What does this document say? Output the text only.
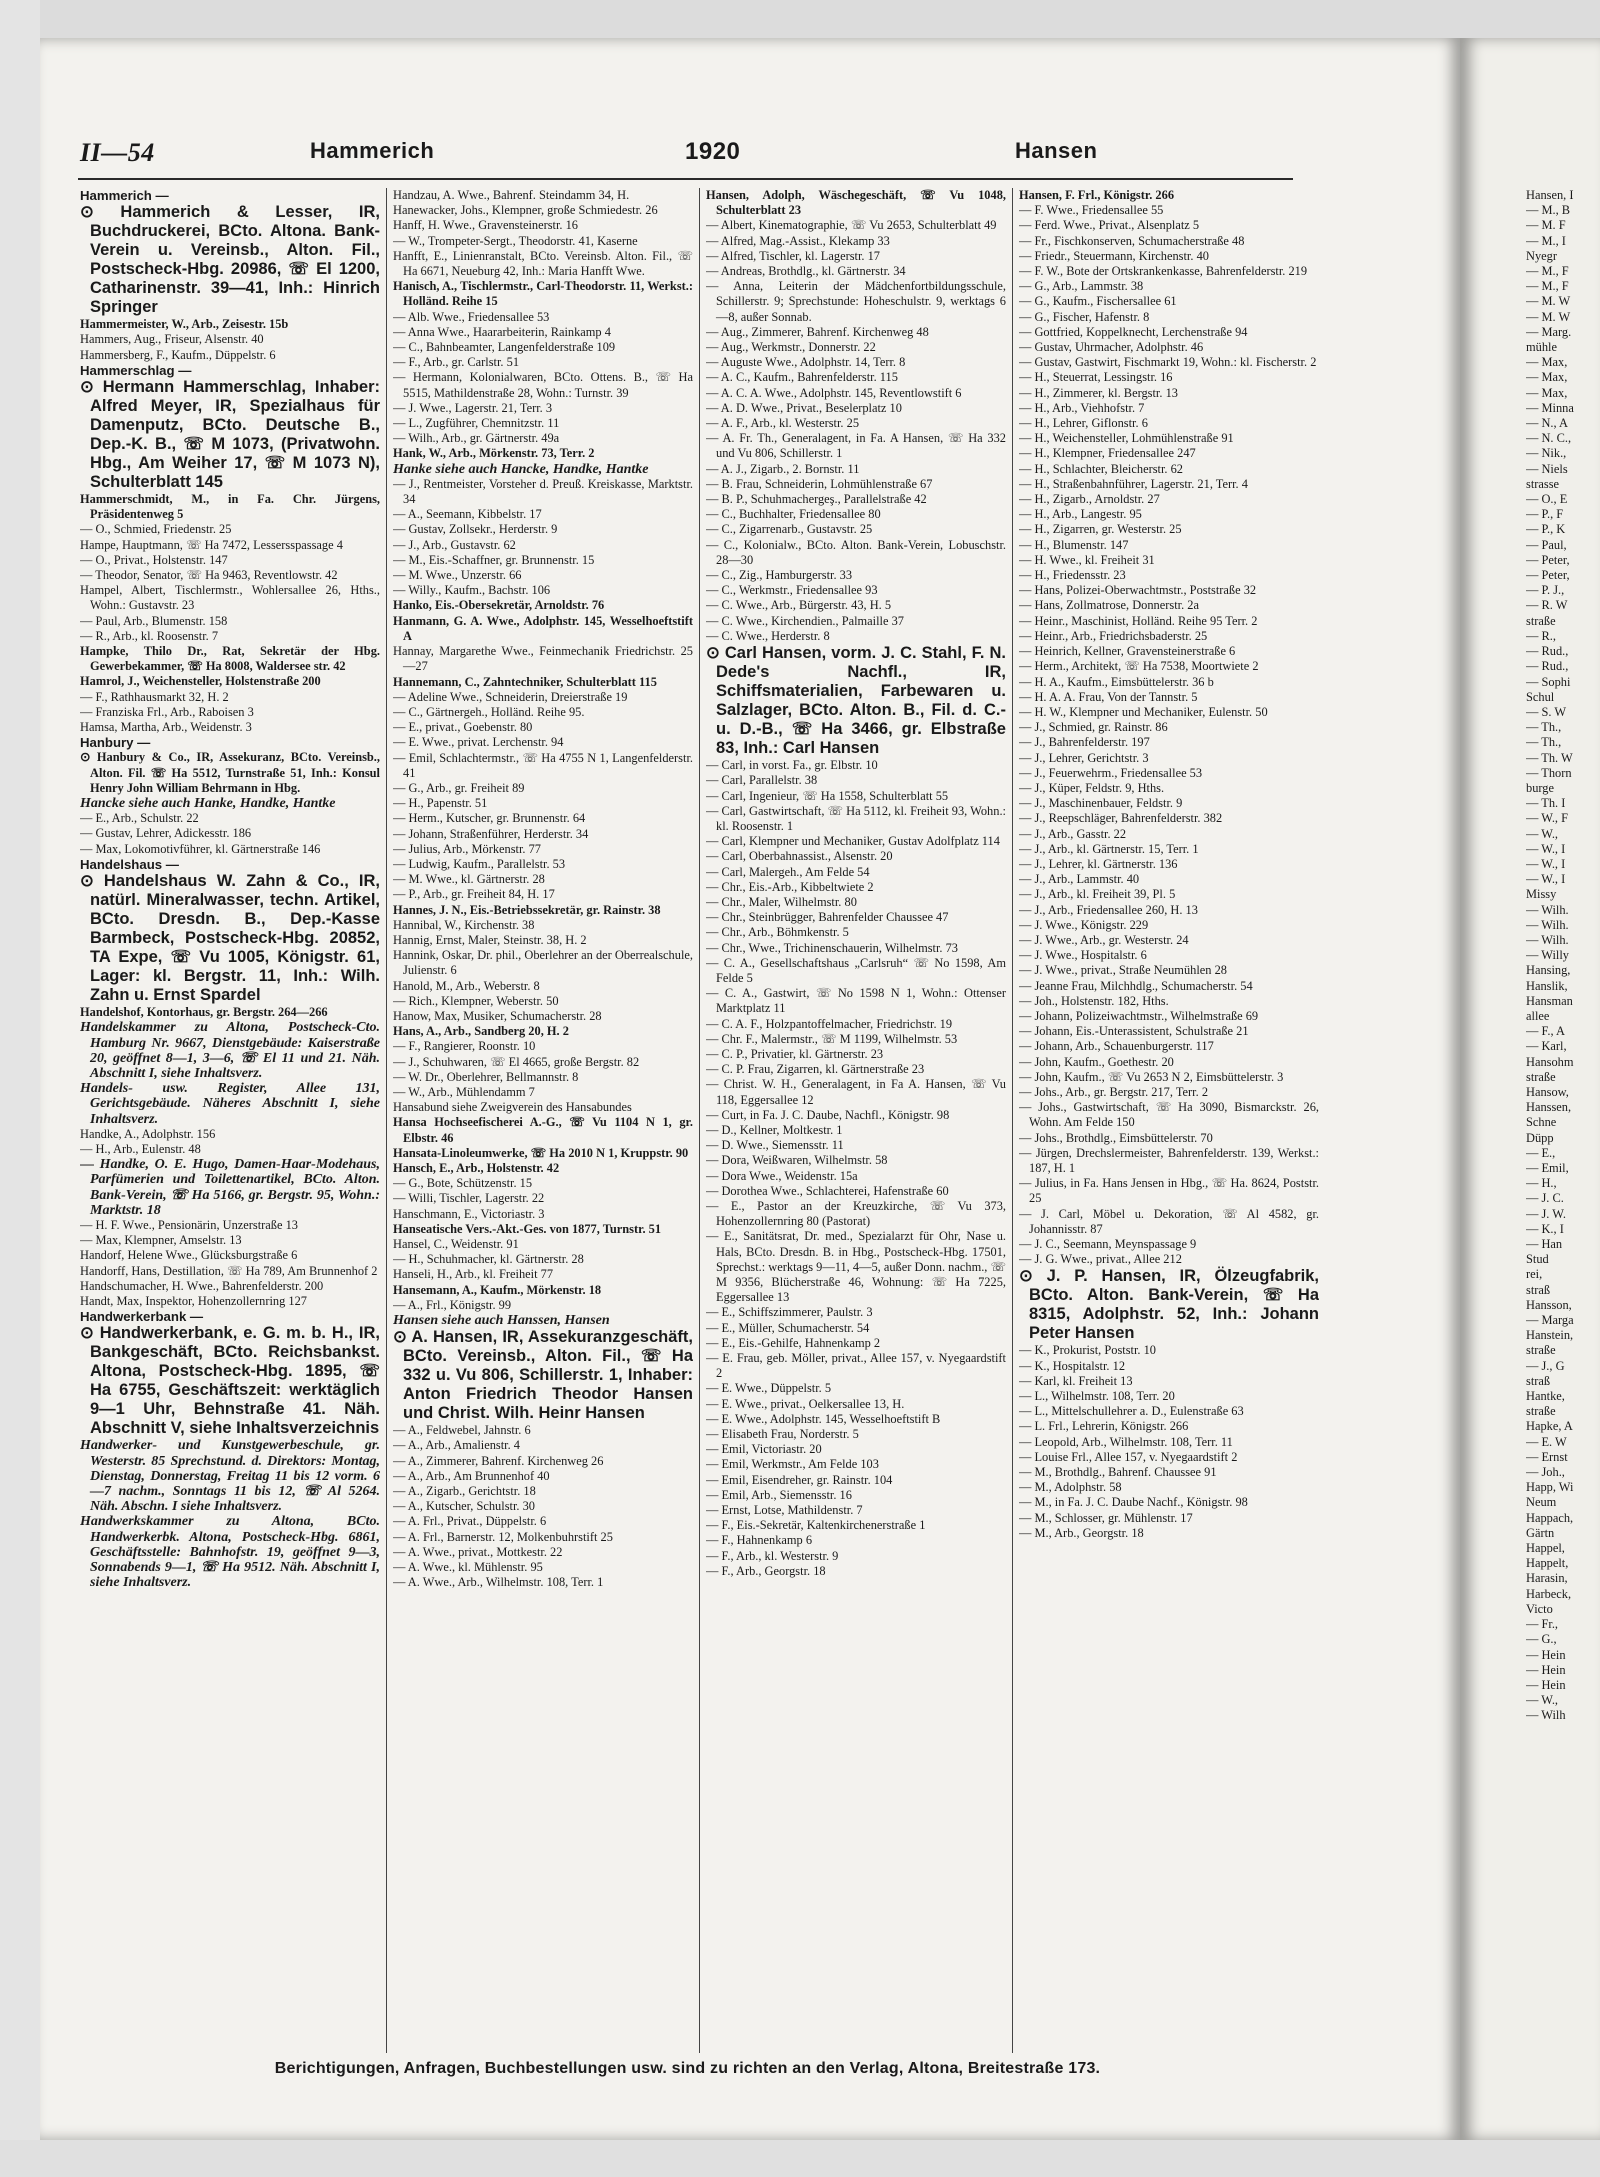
II—54	Hammerich	1920	Hansen

Hammerich —

⊙ Hammerich & Lesser, IR, Buchdruckerei, BCto. Altona. Bank-Verein u. Vereinsb., Alton. Fil., Postscheck-Hbg. 20986, ☏ El 1200, Catharinenstr. 39—41, Inh.: Hinrich Springer

Hammermeister, W., Arb., Zeisestr. 15b

Hammers, Aug., Friseur, Alsenstr. 40

Hammersberg, F., Kaufm., Düppelstr. 6

Hammerschlag —

⊙ Hermann Hammerschlag, Inhaber: Alfred Meyer, IR, Spezialhaus für Damenputz, BCto. Deutsche B., Dep.-K. B., ☏ M 1073, (Privatwohn. Hbg., Am Weiher 17, ☏ M 1073 N), Schulterblatt 145

Hammerschmidt, M., in Fa. Chr. Jürgens, Präsidentenweg 5

— O., Schmied, Friedenstr. 25

Hampe, Hauptmann, ☏ Ha 7472, Lessersspassage 4

— O., Privat., Holstenstr. 147

— Theodor, Senator, ☏ Ha 9463, Reventlowstr. 42

Hampel, Albert, Tischlermstr., Wohlersallee 26, Hths., Wohn.: Gustavstr. 23

— Paul, Arb., Blumenstr. 158

— R., Arb., kl. Roosenstr. 7

Hampke, Thilo Dr., Rat, Sekretär der Hbg. Gewerbekammer, ☏ Ha 8008, Waldersee str. 42

Hamrol, J., Weichensteller, Holstenstraße 200

— F., Rathhausmarkt 32, H. 2

— Franziska Frl., Arb., Raboisen 3

Hamsa, Martha, Arb., Weidenstr. 3

Hanbury —

⊙ Hanbury & Co., IR, Assekuranz, BCto. Vereinsb., Alton. Fil. ☏ Ha 5512, Turnstraße 51, Inh.: Konsul Henry John William Behrmann in Hbg.

Hancke siehe auch Hanke, Handke, Hantke

— E., Arb., Schulstr. 22

— Gustav, Lehrer, Adickesstr. 186

— Max, Lokomotivführer, kl. Gärtnerstraße 146

Handelshaus —

⊙ Handelshaus W. Zahn & Co., IR, natürl. Mineralwasser, techn. Artikel, BCto. Dresdn. B., Dep.-Kasse Barmbeck, Postscheck-Hbg. 20852, TA Expe, ☏ Vu 1005, Königstr. 61, Lager: kl. Bergstr. 11, Inh.: Wilh. Zahn u. Ernst Spardel

Handelshof, Kontorhaus, gr. Bergstr. 264—266

Handelskammer zu Altona, Postscheck-Cto. Hamburg Nr. 9667, Dienstgebäude: Kaiserstraße 20, geöffnet 8—1, 3—6, ☏ El 11 und 21. Näh. Abschnitt I, siehe Inhaltsverz.

Handels- usw. Register, Allee 131, Gerichtsgebäude. Näheres Abschnitt I, siehe Inhaltsverz.

Handke, A., Adolphstr. 156

— H., Arb., Eulenstr. 48

— Handke, O. E. Hugo, Damen-Haar-Modehaus, Parfümerien und Toilettenartikel, BCto. Alton. Bank-Verein, ☏ Ha 5166, gr. Bergstr. 95, Wohn.: Marktstr. 18

— H. F. Wwe., Pensionärin, Unzerstraße 13

— Max, Klempner, Amselstr. 13

Handorf, Helene Wwe., Glücksburgstraße 6

Handorff, Hans, Destillation, ☏ Ha 789, Am Brunnenhof 2

Handschumacher, H. Wwe., Bahrenfelderstr. 200

Handt, Max, Inspektor, Hohenzollernring 127

Handwerkerbank —

⊙ Handwerkerbank, e. G. m. b. H., IR, Bankgeschäft, BCto. Reichsbankst. Altona, Postscheck-Hbg. 1895, ☏ Ha 6755, Geschäftszeit: werktäglich 9—1 Uhr, Behnstraße 41. Näh. Abschnitt V, siehe Inhaltsverzeichnis

Handwerker- und Kunstgewerbeschule, gr. Westerstr. 85 Sprechstund. d. Direktors: Montag, Dienstag, Donnerstag, Freitag 11 bis 12 vorm. 6—7 nachm., Sonntags 11 bis 12, ☏ Al 5264. Näh. Abschn. I siehe Inhaltsverz.

Handwerkskammer zu Altona, BCto. Handwerkerbk. Altona, Postscheck-Hbg. 6861, Geschäftsstelle: Bahnhofstr. 19, geöffnet 9—3, Sonnabends 9—1, ☏ Ha 9512. Näh. Abschnitt I, siehe Inhaltsverz.

Handzau, A. Wwe., Bahrenf. Steindamm 34, H.

Hanewacker, Johs., Klempner, große Schmiedestr. 26

Hanff, H. Wwe., Gravensteinerstr. 16

— W., Trompeter-Sergt., Theodorstr. 41, Kaserne

Hanfft, E., Linienranstalt, BCto. Vereinsb. Alton. Fil., ☏ Ha 6671, Neueburg 42, Inh.: Maria Hanfft Wwe.

Hanisch, A., Tischlermstr., Carl-Theodorstr. 11, Werkst.: Holländ. Reihe 15

— Alb. Wwe., Friedensallee 53

— Anna Wwe., Haararbeiterin, Rainkamp 4

— C., Bahnbeamter, Langenfelderstraße 109

— F., Arb., gr. Carlstr. 51

— Hermann, Kolonialwaren, BCto. Ottens. B., ☏ Ha 5515, Mathildenstraße 28, Wohn.: Turnstr. 39

— J. Wwe., Lagerstr. 21, Terr. 3

— L., Zugführer, Chemnitzstr. 11

— Wilh., Arb., gr. Gärtnerstr. 49a

Hank, W., Arb., Mörkenstr. 73, Terr. 2

Hanke siehe auch Hancke, Handke, Hantke

— J., Rentmeister, Vorsteher d. Preuß. Kreiskasse, Marktstr. 34

— A., Seemann, Kibbelstr. 17

— Gustav, Zollsekr., Herderstr. 9

— J., Arb., Gustavstr. 62

— M., Eis.-Schaffner, gr. Brunnenstr. 15

— M. Wwe., Unzerstr. 66

— Willy., Kaufm., Bachstr. 106

Hanko, Eis.-Obersekretär, Arnoldstr. 76

Hanmann, G. A. Wwe., Adolphstr. 145, Wesselhoeftstift A

Hannay, Margarethe Wwe., Feinmechanik Friedrichstr. 25—27

Hannemann, C., Zahntechniker, Schulterblatt 115

— Adeline Wwe., Schneiderin, Dreierstraße 19

— C., Gärtnergeh., Holländ. Reihe 95.

— E., privat., Goebenstr. 80

— E. Wwe., privat. Lerchenstr. 94

— Emil, Schlachtermstr., ☏ Ha 4755 N 1, Langenfelderstr. 41

— G., Arb., gr. Freiheit 89

— H., Papenstr. 51

— Herm., Kutscher, gr. Brunnenstr. 64

— Johann, Straßenführer, Herderstr. 34

— Julius, Arb., Mörkenstr. 77

— Ludwig, Kaufm., Parallelstr. 53

— M. Wwe., kl. Gärtnerstr. 28

— P., Arb., gr. Freiheit 84, H. 17

Hannes, J. N., Eis.-Betriebssekretär, gr. Rainstr. 38

Hannibal, W., Kirchenstr. 38

Hannig, Ernst, Maler, Steinstr. 38, H. 2

Hannink, Oskar, Dr. phil., Oberlehrer an der Oberrealschule, Julienstr. 6

Hanold, M., Arb., Weberstr. 8

— Rich., Klempner, Weberstr. 50

Hanow, Max, Musiker, Schumacherstr. 28

Hans, A., Arb., Sandberg 20, H. 2

— F., Rangierer, Roonstr. 10

— J., Schuhwaren, ☏ El 4665, große Bergstr. 82

— W. Dr., Oberlehrer, Bellmannstr. 8

— W., Arb., Mühlendamm 7

Hansabund siehe Zweigverein des Hansabundes

Hansa Hochseefischerei A.-G., ☏ Vu 1104 N 1, gr. Elbstr. 46

Hansata-Linoleumwerke, ☏ Ha 2010 N 1, Kruppstr. 90

Hansch, E., Arb., Holstenstr. 42

— G., Bote, Schützenstr. 15

— Willi, Tischler, Lagerstr. 22

Hanschmann, E., Victoriastr. 3

Hanseatische Vers.-Akt.-Ges. von 1877, Turnstr. 51

Hansel, C., Weidenstr. 91

— H., Schuhmacher, kl. Gärtnerstr. 28

Hanseli, H., Arb., kl. Freiheit 77

Hansemann, A., Kaufm., Mörkenstr. 18

— A., Frl., Königstr. 99

Hansen siehe auch Hanssen, Hansen

⊙ A. Hansen, IR, Assekuranzgeschäft, BCto. Vereinsb., Alton. Fil., ☏ Ha 332 u. Vu 806, Schillerstr. 1, Inhaber: Anton Friedrich Theodor Hansen und Christ. Wilh. Heinr Hansen

— A., Feldwebel, Jahnstr. 6

— A., Arb., Amalienstr. 4

— A., Zimmerer, Bahrenf. Kirchenweg 26

— A., Arb., Am Brunnenhof 40

— A., Zigarb., Gerichtstr. 18

— A., Kutscher, Schulstr. 30

— A. Frl., Privat., Düppelstr. 6

— A. Frl., Barnerstr. 12, Molkenbuhrstift 25

— A. Wwe., privat., Mottkestr. 22

— A. Wwe., kl. Mühlenstr. 95

— A. Wwe., Arb., Wilhelmstr. 108, Terr. 1

Hansen, Adolph, Wäschegeschäft, ☏ Vu 1048, Schulterblatt 23

— Albert, Kinematographie, ☏ Vu 2653, Schulterblatt 49

— Alfred, Mag.-Assist., Klekamp 33

— Alfred, Tischler, kl. Lagerstr. 17

— Andreas, Brothdlg., kl. Gärtnerstr. 34

— Anna, Leiterin der Mädchenfortbildungsschule, Schillerstr. 9; Sprechstunde: Hoheschulstr. 9, werktags 6—8, außer Sonnab.

— Aug., Zimmerer, Bahrenf. Kirchenweg 48

— Aug., Werkmstr., Donnerstr. 22

— Auguste Wwe., Adolphstr. 14, Terr. 8

— A. C., Kaufm., Bahrenfelderstr. 115

— A. C. A. Wwe., Adolphstr. 145, Reventlowstift 6

— A. D. Wwe., Privat., Beselerplatz 10

— A. F., Arb., kl. Westerstr. 25

— A. Fr. Th., Generalagent, in Fa. A Hansen, ☏ Ha 332 und Vu 806, Schillerstr. 1

— A. J., Zigarb., 2. Bornstr. 11

— B. Frau, Schneiderin, Lohmühlenstraße 67

— B. P., Schuhmachergeş., Parallelstraße 42

— C., Buchhalter, Friedensallee 80

— C., Zigarrenarb., Gustavstr. 25

— C., Kolonialw., BCto. Alton. Bank-Verein, Lobuschstr. 28—30

— C., Zig., Hamburgerstr. 33

— C., Werkmstr., Friedensallee 93

— C. Wwe., Arb., Bürgerstr. 43, H. 5

— C. Wwe., Kirchendien., Palmaille 37

— C. Wwe., Herderstr. 8

⊙ Carl Hansen, vorm. J. C. Stahl, F. N. Dede's Nachfl., IR, Schiffsmaterialien, Farbewaren u. Salzlager, BCto. Alton. B., Fil. d. C.- u. D.-B., ☏ Ha 3466, gr. Elbstraße 83, Inh.: Carl Hansen

— Carl, in vorst. Fa., gr. Elbstr. 10

— Carl, Parallelstr. 38

— Carl, Ingenieur, ☏ Ha 1558, Schulterblatt 55

— Carl, Gastwirtschaft, ☏ Ha 5112, kl. Freiheit 93, Wohn.: kl. Roosenstr. 1

— Carl, Klempner und Mechaniker, Gustav Adolfplatz 114

— Carl, Oberbahnassist., Alsenstr. 20

— Carl, Malergeh., Am Felde 54

— Chr., Eis.-Arb., Kibbeltwiete 2

— Chr., Maler, Wilhelmstr. 80

— Chr., Steinbrügger, Bahrenfelder Chaussee 47

— Chr., Arb., Böhmkenstr. 5

— Chr., Wwe., Trichinenschauerin, Wilhelmstr. 73

— C. A., Gesellschaftshaus „Carlsruh“ ☏ No 1598, Am Felde 5

— C. A., Gastwirt, ☏ No 1598 N 1, Wohn.: Ottenser Marktplatz 11

— C. A. F., Holzpantoffelmacher, Friedrichstr. 19

— Chr. F., Malermstr., ☏ M 1199, Wilhelmstr. 53

— C. P., Privatier, kl. Gärtnerstr. 23

— C. P. Frau, Zigarren, kl. Gärtnerstraße 23

— Christ. W. H., Generalagent, in Fa A. Hansen, ☏ Vu 118, Eggersallee 12

— Curt, in Fa. J. C. Daube, Nachfl., Königstr. 98

— D., Kellner, Moltkestr. 1

— D. Wwe., Siemensstr. 11

— Dora, Weißwaren, Wilhelmstr. 58

— Dora Wwe., Weidenstr. 15a

— Dorothea Wwe., Schlachterei, Hafenstraße 60

— E., Pastor an der Kreuzkirche, ☏ Vu 373, Hohenzollernring 80 (Pastorat)

— E., Sanitätsrat, Dr. med., Spezialarzt für Ohr, Nase u. Hals, BCto. Dresdn. B. in Hbg., Postscheck-Hbg. 17501, Sprechst.: werktags 9—11, 4—5, außer Donn. nachm., ☏ M 9356, Blücherstraße 46, Wohnung: ☏ Ha 7225, Eggersallee 13

— E., Schiffszimmerer, Paulstr. 3

— E., Müller, Schumacherstr. 54

— E., Eis.-Gehilfe, Hahnenkamp 2

— E. Frau, geb. Möller, privat., Allee 157, v. Nyegaardstift 2

— E. Wwe., Düppelstr. 5

— E. Wwe., privat., Oelkersallee 13, H.

— E. Wwe., Adolphstr. 145, Wesselhoeftstift B

— Elisabeth Frau, Norderstr. 5

— Emil, Victoriastr. 20

— Emil, Werkmstr., Am Felde 103

— Emil, Eisendreher, gr. Rainstr. 104

— Emil, Arb., Siemensstr. 16

— Ernst, Lotse, Mathildenstr. 7

— F., Eis.-Sekretär, Kaltenkirchenerstraße 1

— F., Hahnenkamp 6

— F., Arb., kl. Westerstr. 9

— F., Arb., Georgstr. 18

Hansen, F. Frl., Königstr. 266

— F. Wwe., Friedensallee 55

— Ferd. Wwe., Privat., Alsenplatz 5

— Fr., Fischkonserven, Schumacherstraße 48

— Friedr., Steuermann, Kirchenstr. 40

— F. W., Bote der Ortskrankenkasse, Bahrenfelderstr. 219

— G., Arb., Lammstr. 38

— G., Kaufm., Fischersallee 61

— G., Fischer, Hafenstr. 8

— Gottfried, Koppelknecht, Lerchenstraße 94

— Gustav, Uhrmacher, Adolphstr. 46

— Gustav, Gastwirt, Fischmarkt 19, Wohn.: kl. Fischerstr. 2

— H., Steuerrat, Lessingstr. 16

— H., Zimmerer, kl. Bergstr. 13

— H., Arb., Viehhofstr. 7

— H., Lehrer, Giflonstr. 6

— H., Weichensteller, Lohmühlenstraße 91

— H., Klempner, Friedensallee 247

— H., Schlachter, Bleicherstr. 62

— H., Straßenbahnführer, Lagerstr. 21, Terr. 4

— H., Zigarb., Arnoldstr. 27

— H., Arb., Langestr. 95

— H., Zigarren, gr. Westerstr. 25

— H., Blumenstr. 147

— H. Wwe., kl. Freiheit 31

— H., Friedensstr. 23

— Hans, Polizei-Oberwachtmstr., Poststraße 32

— Hans, Zollmatrose, Donnerstr. 2a

— Heinr., Maschinist, Holländ. Reihe 95 Terr. 2

— Heinr., Arb., Friedrichsbaderstr. 25

— Heinrich, Kellner, Gravensteinerstraße 6

— Herm., Architekt, ☏ Ha 7538, Moortwiete 2

— H. A., Kaufm., Eimsbüttelerstr. 36 b

— H. A. A. Frau, Von der Tannstr. 5

— H. W., Klempner und Mechaniker, Eulenstr. 50

— J., Schmied, gr. Rainstr. 86

— J., Bahrenfelderstr. 197

— J., Lehrer, Gerichtstr. 3

— J., Feuerwehrm., Friedensallee 53

— J., Küper, Feldstr. 9, Hths.

— J., Maschinenbauer, Feldstr. 9

— J., Reepschläger, Bahrenfelderstr. 382

— J., Arb., Gasstr. 22

— J., Arb., kl. Gärtnerstr. 15, Terr. 1

— J., Lehrer, kl. Gärtnerstr. 136

— J., Arb., Lammstr. 40

— J., Arb., kl. Freiheit 39, Pl. 5

— J., Arb., Friedensallee 260, H. 13

— J. Wwe., Königstr. 229

— J. Wwe., Arb., gr. Westerstr. 24

— J. Wwe., Hospitalstr. 6

— J. Wwe., privat., Straße Neumühlen 28

— Jeanne Frau, Milchhdlg., Schumacherstr. 54

— Joh., Holstenstr. 182, Hths.

— Johann, Polizeiwachtmstr., Wilhelmstraße 69

— Johann, Eis.-Unterassistent, Schulstraße 21

— Johann, Arb., Schauenburgerstr. 117

— John, Kaufm., Goethestr. 20

— John, Kaufm., ☏ Vu 2653 N 2, Eimsbüttelerstr. 3

— Johs., Arb., gr. Bergstr. 217, Terr. 2

— Johs., Gastwirtschaft, ☏ Ha 3090, Bismarckstr. 26, Wohn. Am Felde 150

— Johs., Brothdlg., Eimsbüttelerstr. 70

— Jürgen, Drechslermeister, Bahrenfelderstr. 139, Werkst.: 187, H. 1

— Julius, in Fa. Hans Jensen in Hbg., ☏ Ha. 8624, Poststr. 25

— J. Carl, Möbel u. Dekoration, ☏ Al 4582, gr. Johannisstr. 87

— J. C., Seemann, Meynspassage 9

— J. G. Wwe., privat., Allee 212

⊙ J. P. Hansen, IR, Ölzeugfabrik, BCto. Alton. Bank-Verein, ☏ Ha 8315, Adolphstr. 52, Inh.: Johann Peter Hansen

— K., Prokurist, Poststr. 10

— K., Hospitalstr. 12

— Karl, kl. Freiheit 13

— L., Wilhelmstr. 108, Terr. 20

— L., Mittelschullehrer a. D., Eulenstraße 63

— L. Frl., Lehrerin, Königstr. 266

— Leopold, Arb., Wilhelmstr. 108, Terr. 11

— Louise Frl., Allee 157, v. Nyegaardstift 2

— M., Brothdlg., Bahrenf. Chaussee 91

— M., Adolphstr. 58

— M., in Fa. J. C. Daube Nachf., Königstr. 98

— M., Schlosser, gr. Mühlenstr. 17

— M., Arb., Georgstr. 18

Hansen, I
— M., B
— M. F
— M., I
Nyegr
— M., F
— M., F
— M. W
— M. W
— Marg.
mühle
— Max,
— Max,
— Max,
— Minna
— N., A
— N. C.,
— Nik.,
— Niels
strasse
— O., E
— P., F
— P., K
— Paul,
— Peter,
— Peter,
— P. J.,
— R. W
straße
— R.,
— Rud.,
— Rud.,
— Sophi
Schul
— S. W
— Th.,
— Th.,
— Th. W
— Thorn
burge
— Th. I
— W., F
— W.,
— W., I
— W., I
— W., I
Missy
— Wilh.
— Wilh.
— Wilh.
— Willy
Hansing,
Hanslik,
Hansman
allee
— F., A
— Karl,
Hansohm
straße
Hansow,
Hanssen,
Schne
Düpp
— E.,
— Emil,
— H.,
— J. C.
— J. W.
— K., I
— Han
Stud
rei,
straß
Hansson,
— Marga
Hanstein,
straße
— J., G
straß
Hantke,
straße
Hapke, A
— E. W
— Ernst
— Joh.,
Happ, Wi
Neum
Happach,
Gärtn
Happel,
Happelt,
Harasin,
Harbeck,
Victo
— Fr.,
— G.,
— Hein
— Hein
— Hein
— W.,
— Wilh
Berichtigungen, Anfragen, Buchbestellungen usw. sind zu richten an den Verlag, Altona, Breitestraße 173.
